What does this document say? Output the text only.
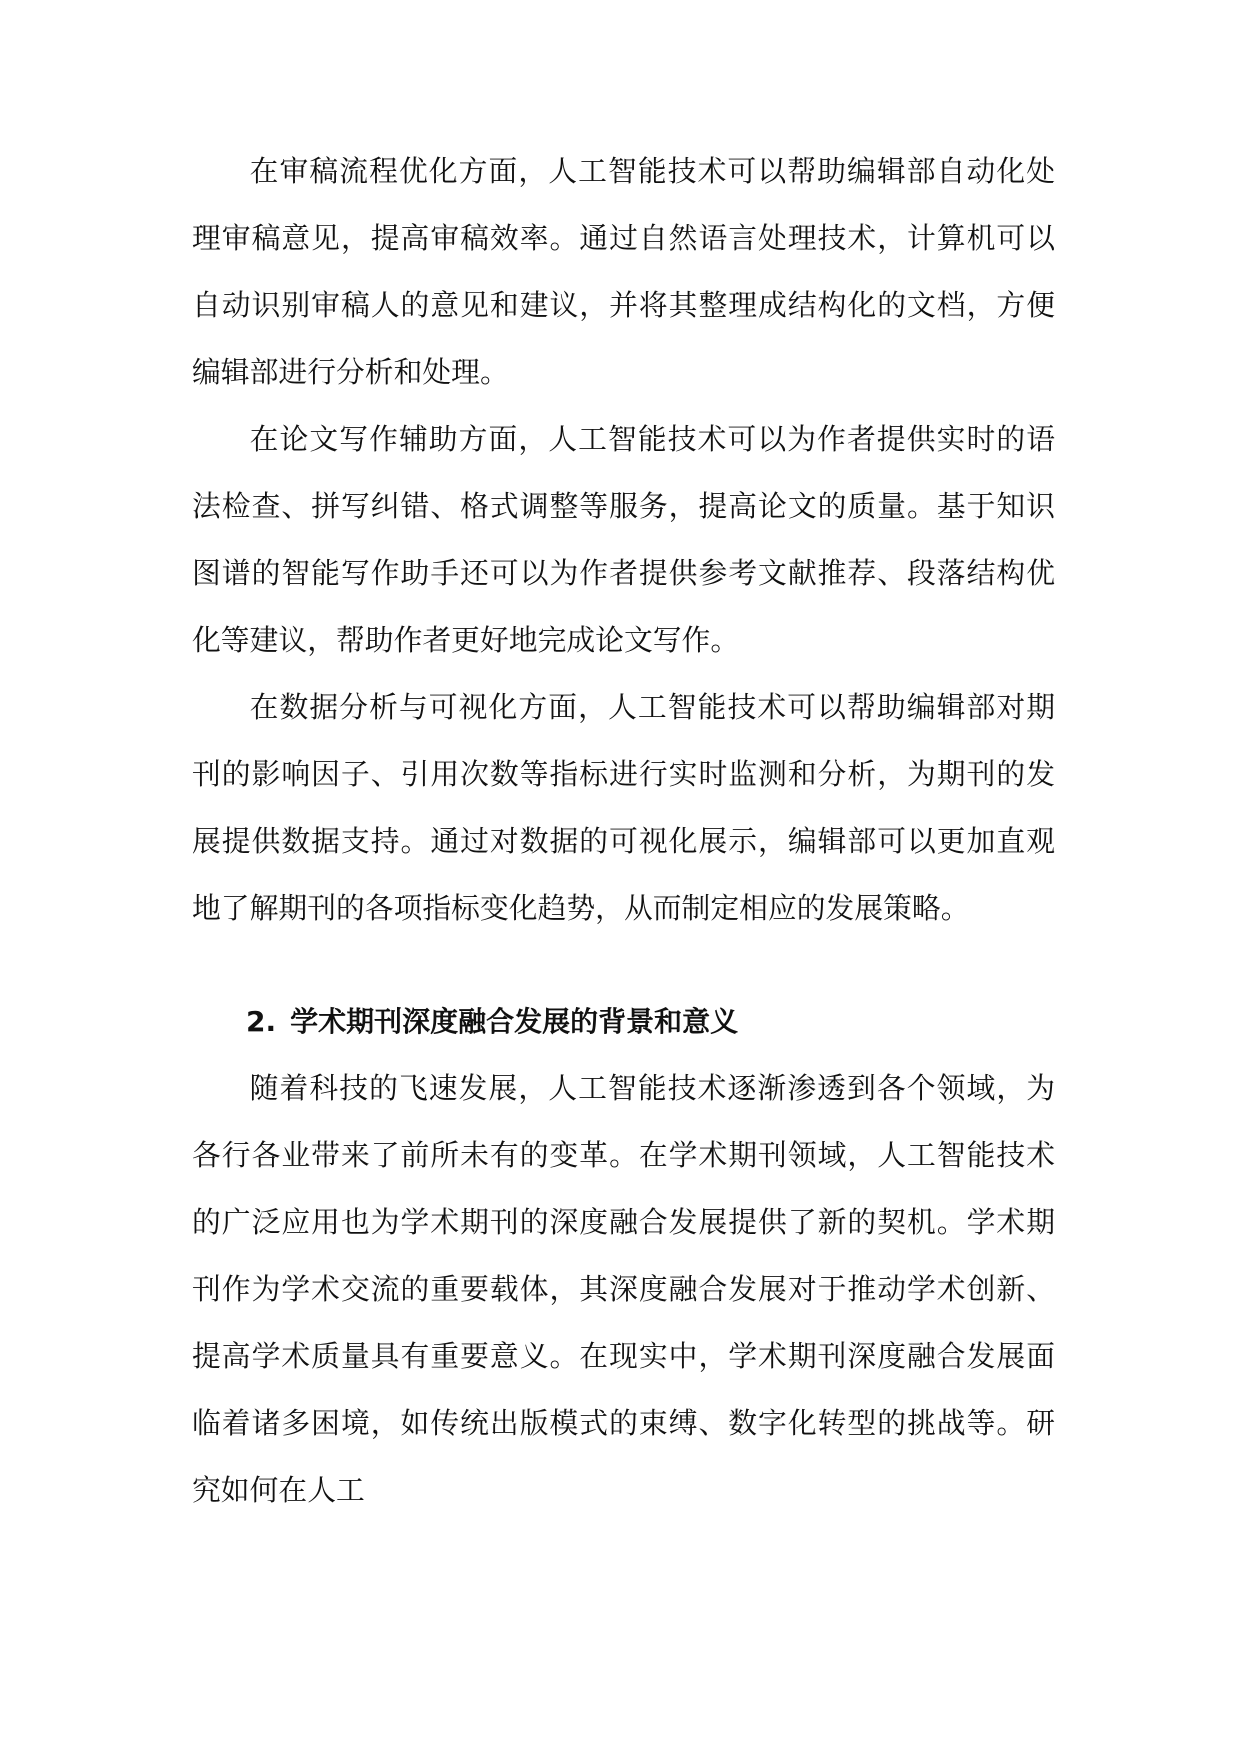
在审稿流程优化方面，人工智能技术可以帮助编辑部自动化处理审稿意见，提高审稿效率。通过自然语言处理技术，计算机可以自动识别审稿人的意见和建议，并将其整理成结构化的文档，方便编辑部进行分析和处理。

在论文写作辅助方面，人工智能技术可以为作者提供实时的语法检查、拼写纠错、格式调整等服务，提高论文的质量。基于知识图谱的智能写作助手还可以为作者提供参考文献推荐、段落结构优化等建议，帮助作者更好地完成论文写作。

在数据分析与可视化方面，人工智能技术可以帮助编辑部对期刊的影响因子、引用次数等指标进行实时监测和分析，为期刊的发展提供数据支持。通过对数据的可视化展示，编辑部可以更加直观地了解期刊的各项指标变化趋势，从而制定相应的发展策略。

2. 学术期刊深度融合发展的背景和意义

随着科技的飞速发展，人工智能技术逐渐渗透到各个领域，为各行各业带来了前所未有的变革。在学术期刊领域，人工智能技术的广泛应用也为学术期刊的深度融合发展提供了新的契机。学术期刊作为学术交流的重要载体，其深度融合发展对于推动学术创新、提高学术质量具有重要意义。在现实中，学术期刊深度融合发展面临着诸多困境，如传统出版模式的束缚、数字化转型的挑战等。研究如何在人工
